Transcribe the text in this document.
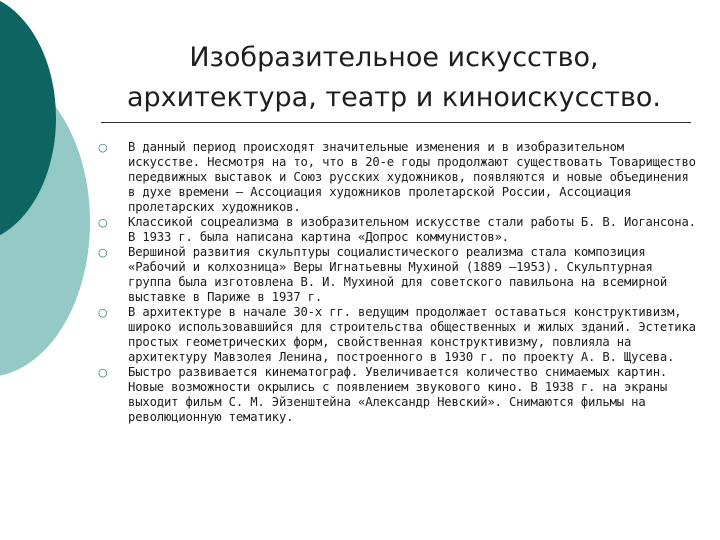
Изобразительное искусство,
архитектура, театр и киноискусство.
○	В данный период происходят значительные изменения и в изобразительном искусстве. Несмотря на то, что в 20-е годы продолжают существовать Товарищество передвижных выставок и Союз русских художников, появляются и новые объединения в духе времени – Ассоциация художников пролетарской России, Ассоциация пролетарских художников.
○	Классикой соцреализма в изобразительном искусстве стали работы Б. В. Иогансона. В 1933 г. была написана картина «Допрос коммунистов».
○	Вершиной развития скульптуры социалистического реализма стала композиция «Рабочий и колхозница» Веры Игнатьевны Мухиной (1889 –1953). Скульптурная группа была изготовлена В. И. Мухиной для советского павильона на всемирной выставке в Париже в 1937 г.
○	В архитектуре в начале 30-х гг. ведущим продолжает оставаться конструктивизм, широко использовавшийся для строительства общественных и жилых зданий. Эстетика простых геометрических форм, свойственная конструктивизму, повлияла на архитектуру Мавзолея Ленина, построенного в 1930 г. по проекту А. В. Щусева.
○	Быстро развивается кинематограф. Увеличивается количество снимаемых картин. Новые возможности окрылись с появлением звукового кино. В 1938 г. на экраны выходит фильм С. М. Эйзенштейна «Александр Невский». Снимаются фильмы на революционную тематику.
